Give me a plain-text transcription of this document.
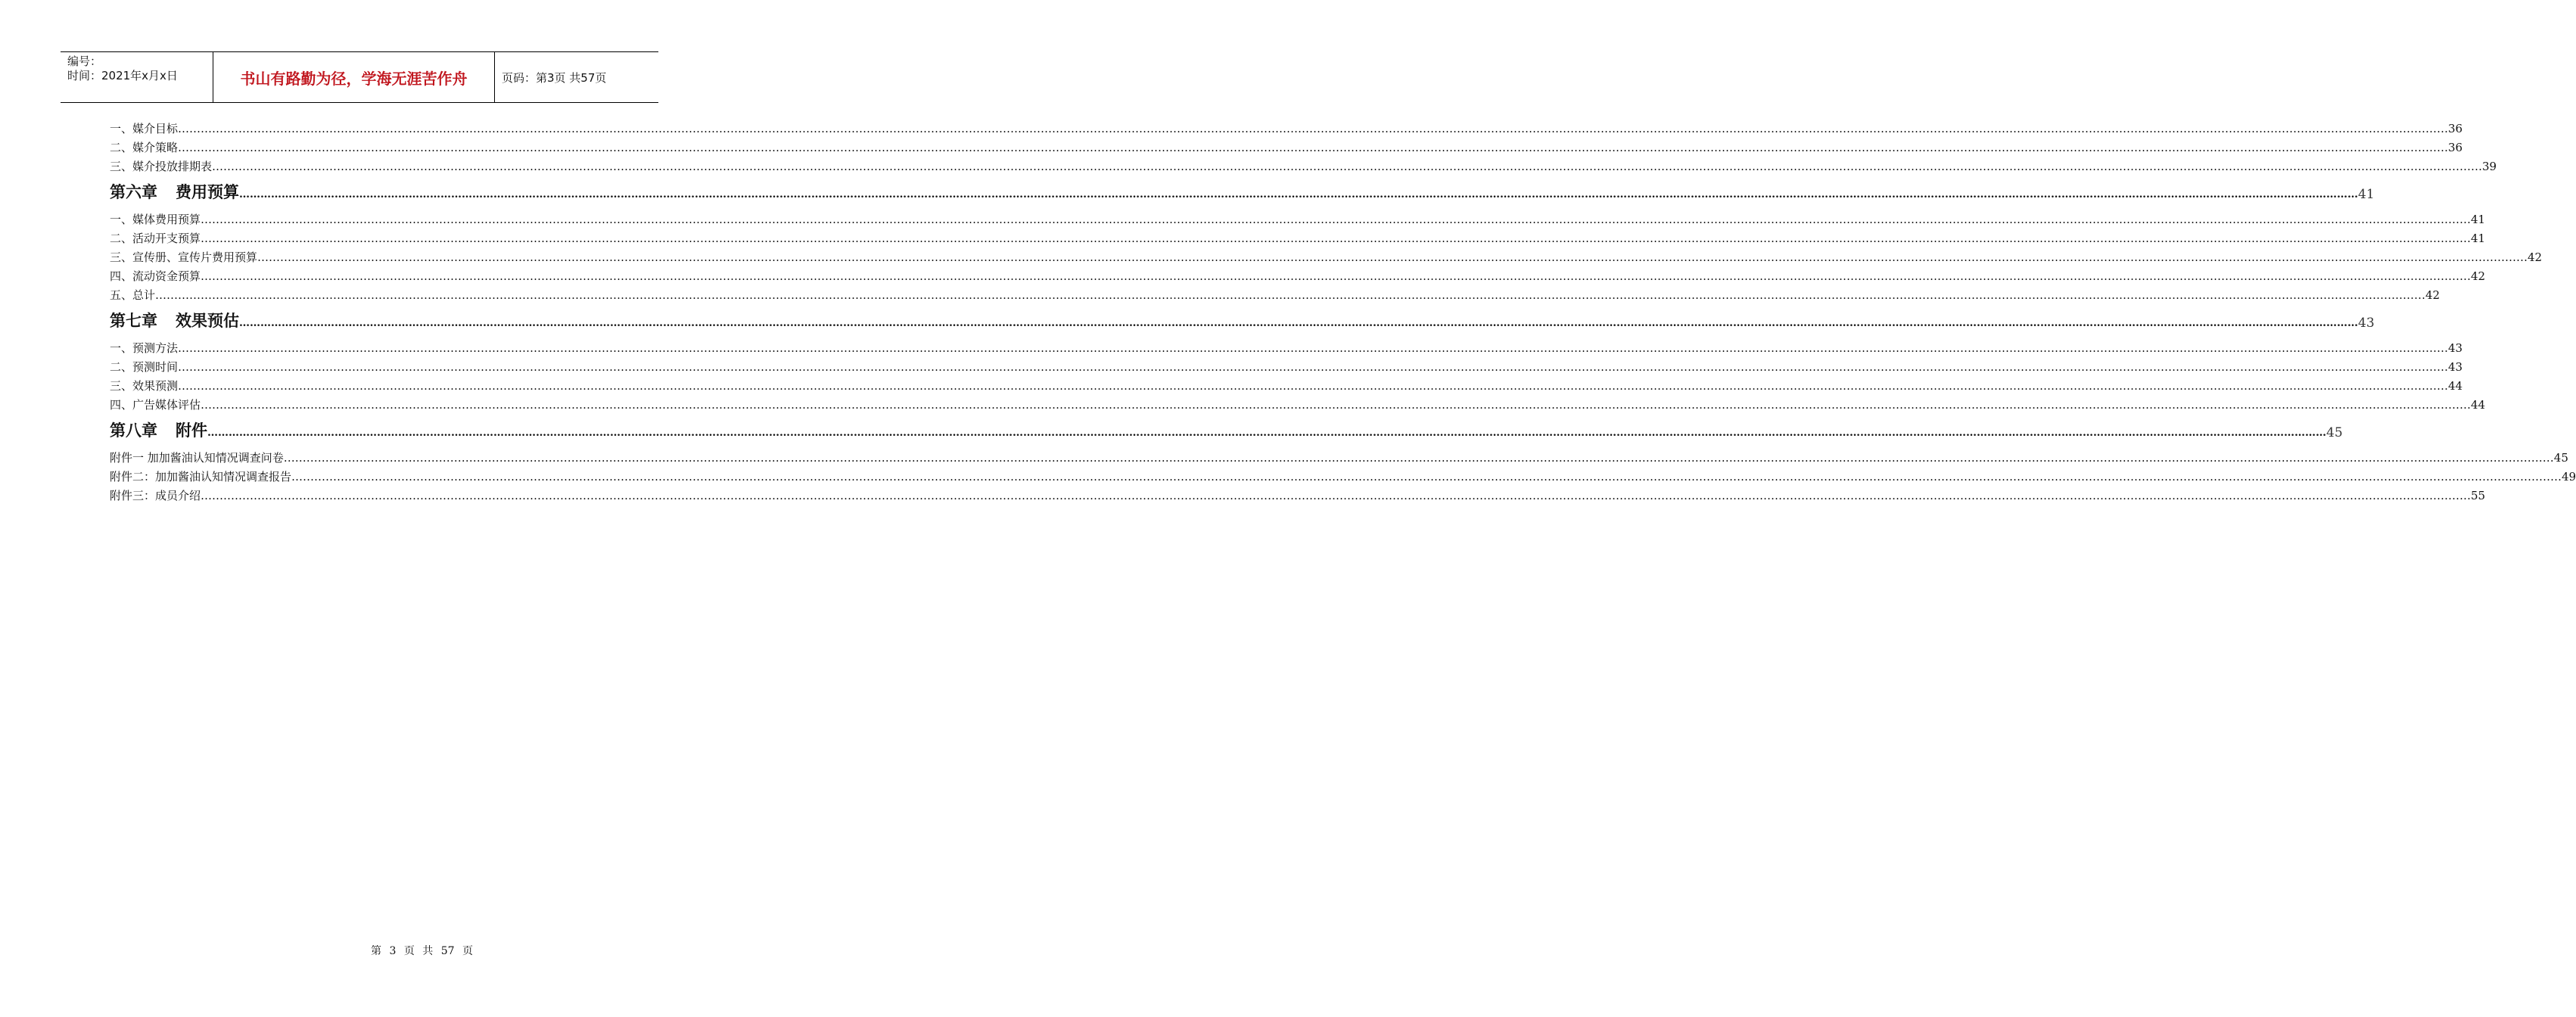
编号：
时间：2021年x月x日	书山有路勤为径，学海无涯苦作舟	页码：第3页 共57页
一、媒介目标 …………………………………………………………………………………………………………………………………………………………………………………………………………………………………………………………………………………………………………………………………………………………………………………………………………………………………………………………………………………………………………………………………………………… 36
二、媒介策略 …………………………………………………………………………………………………………………………………………………………………………………………………………………………………………………………………………………………………………………………………………………………………………………………………………………………………………………………………………………………………………………………………………………… 36
三、媒介投放排期表 …………………………………………………………………………………………………………………………………………………………………………………………………………………………………………………………………………………………………………………………………………………………………………………………………………………………………………………………………………………………………………………………………………………… 39
第六章 费用预算 …………………………………………………………………………………………………………………………………………………………………………………………………………………………………………………………………………………………………………………………………………………………………………………………………………………………………………………………………………………………………………………………………………………… 41
一、媒体费用预算 …………………………………………………………………………………………………………………………………………………………………………………………………………………………………………………………………………………………………………………………………………………………………………………………………………………………………………………………………………………………………………………………………………………… 41
二、活动开支预算 …………………………………………………………………………………………………………………………………………………………………………………………………………………………………………………………………………………………………………………………………………………………………………………………………………………………………………………………………………………………………………………………………………………… 41
三、宣传册、宣传片费用预算 …………………………………………………………………………………………………………………………………………………………………………………………………………………………………………………………………………………………………………………………………………………………………………………………………………………………………………………………………………………………………………………………………………………… 42
四、流动资金预算 …………………………………………………………………………………………………………………………………………………………………………………………………………………………………………………………………………………………………………………………………………………………………………………………………………………………………………………………………………………………………………………………………………………… 42
五、总计 …………………………………………………………………………………………………………………………………………………………………………………………………………………………………………………………………………………………………………………………………………………………………………………………………………………………………………………………………………………………………………………………………………………… 42
第七章 效果预估 …………………………………………………………………………………………………………………………………………………………………………………………………………………………………………………………………………………………………………………………………………………………………………………………………………………………………………………………………………………………………………………………………………………… 43
一、预测方法 …………………………………………………………………………………………………………………………………………………………………………………………………………………………………………………………………………………………………………………………………………………………………………………………………………………………………………………………………………………………………………………………………………………… 43
二、预测时间 …………………………………………………………………………………………………………………………………………………………………………………………………………………………………………………………………………………………………………………………………………………………………………………………………………………………………………………………………………………………………………………………………………………… 43
三、效果预测 …………………………………………………………………………………………………………………………………………………………………………………………………………………………………………………………………………………………………………………………………………………………………………………………………………………………………………………………………………………………………………………………………………………… 44
四、广告媒体评估 …………………………………………………………………………………………………………………………………………………………………………………………………………………………………………………………………………………………………………………………………………………………………………………………………………………………………………………………………………………………………………………………………………………… 44
第八章 附件 …………………………………………………………………………………………………………………………………………………………………………………………………………………………………………………………………………………………………………………………………………………………………………………………………………………………………………………………………………………………………………………………………………………… 45
附件一 加加酱油认知情况调查问卷 …………………………………………………………………………………………………………………………………………………………………………………………………………………………………………………………………………………………………………………………………………………………………………………………………………………………………………………………………………………………………………………………………………………… 45
附件二：加加酱油认知情况调查报告 …………………………………………………………………………………………………………………………………………………………………………………………………………………………………………………………………………………………………………………………………………………………………………………………………………………………………………………………………………………………………………………………………………………… 49
附件三：成员介绍 …………………………………………………………………………………………………………………………………………………………………………………………………………………………………………………………………………………………………………………………………………………………………………………………………………………………………………………………………………………………………………………………………………………… 55
第 3 页 共 57 页
